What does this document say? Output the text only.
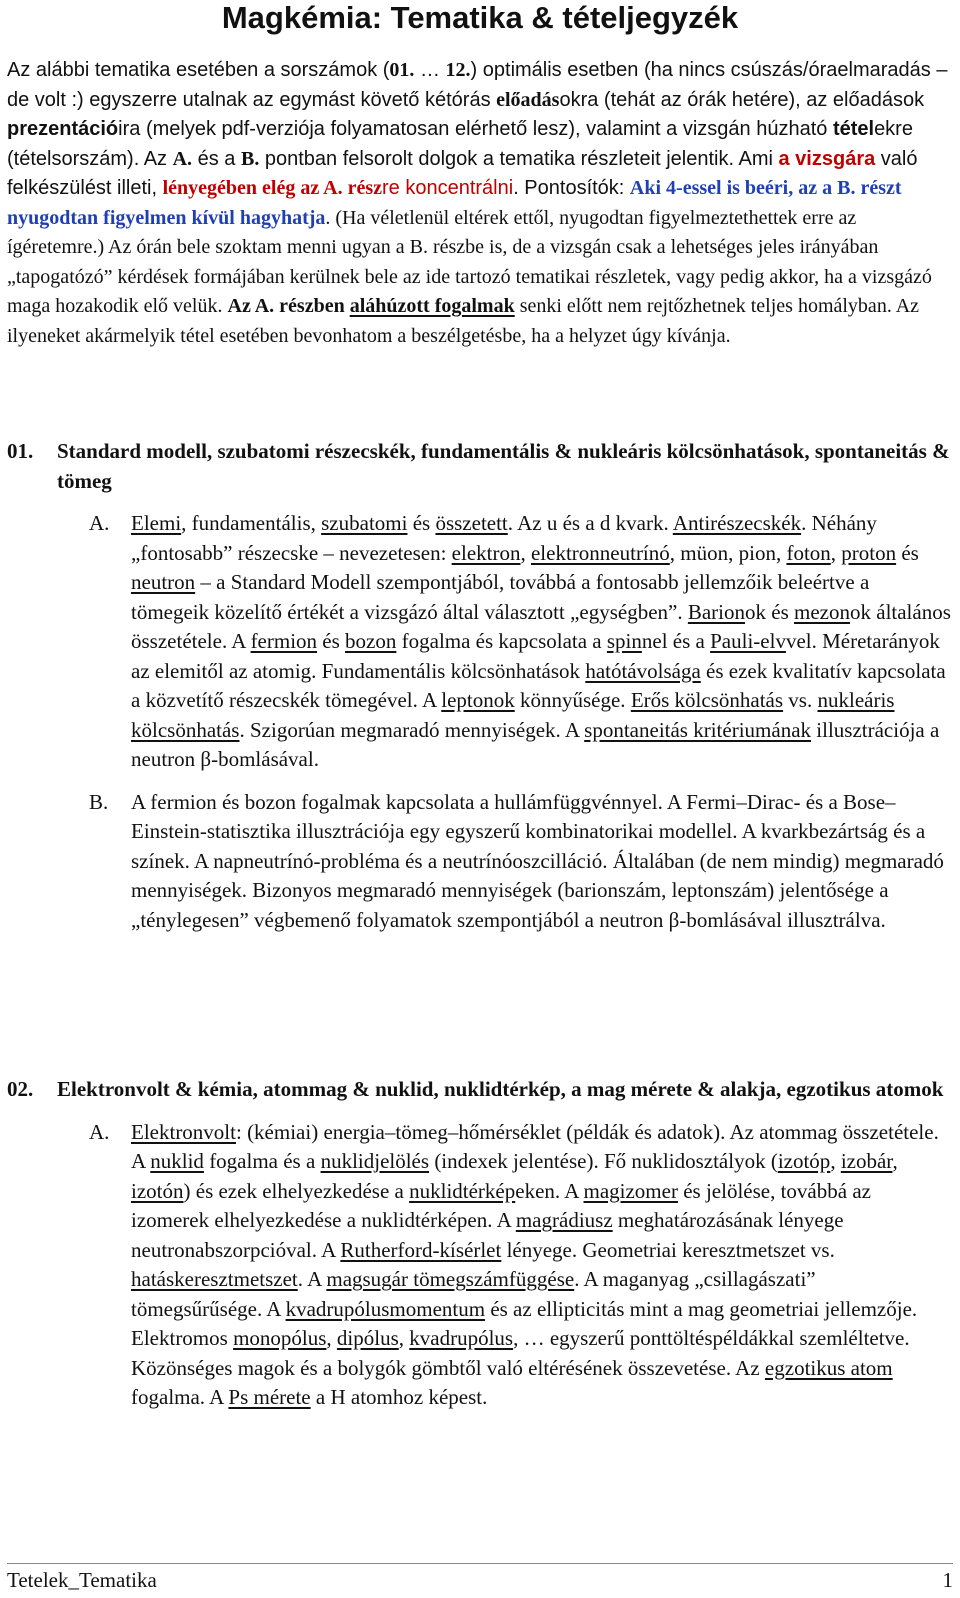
Magkémia: Tematika & tételjegyzék
Az alábbi tematika esetében a sorszámok (01. … 12.) optimális esetben (ha nincs csúszás/óraelmaradás – de volt :) egyszerre utalnak az egymást követő kétórás előadásokra (tehát az órák hetére), az előadások prezentációira (melyek pdf-verziója folyamatosan elérhető lesz), valamint a vizsgán húzható tételekre (tételsorszám). Az A. és a B. pontban felsorolt dolgok a tematika részleteit jelentik. Ami a vizsgára való felkészülést illeti, lényegében elég az A. részre koncentrálni. Pontosítók: Aki 4-essel is beéri, az a B. részt nyugodtan figyelmen kívül hagyhatja. (Ha véletlenül eltérek ettől, nyugodtan figyelmeztethettek erre az ígéretemre.) Az órán bele szoktam menni ugyan a B. részbe is, de a vizsgán csak a lehetséges jeles irányában „tapogatózó” kérdések formájában kerülnek bele az ide tartozó tematikai részletek, vagy pedig akkor, ha a vizsgázó maga hozakodik elő velük. Az A. részben aláhúzott fogalmak senki előtt nem rejtőzhetnek teljes homályban. Az ilyeneket akármelyik tétel esetében bevonhatom a beszélgetésbe, ha a helyzet úgy kívánja.
01.	Standard modell, szubatomi részecskék, fundamentális & nukleáris kölcsönhatások, spontaneitás & tömeg
A.	Elemi, fundamentális, szubatomi és összetett. Az u és a d kvark. Antirészecskék. Néhány „fontosabb” részecske – nevezetesen: elektron, elektronneutrínó, müon, pion, foton, proton és neutron – a Standard Modell szempontjából, továbbá a fontosabb jellemzőik beleértve a tömegeik közelítő értékét a vizsgázó által választott „egységben”. Barionok és mezonok általános összetétele. A fermion és bozon fogalma és kapcsolata a spinnel és a Pauli-elvvel. Méretarányok az elemitől az atomig. Fundamentális kölcsönhatások hatótávolsága és ezek kvalitatív kapcsolata a közvetítő részecskék tömegével. A leptonok könnyűsége. Erős kölcsönhatás vs. nukleáris kölcsönhatás. Szigorúan megmaradó mennyiségek. A spontaneitás kritériumának illusztrációja a neutron β-bomlásával.
B.	A fermion és bozon fogalmak kapcsolata a hullámfüggvénnyel. A Fermi–Dirac- és a Bose–Einstein-statisztika illusztrációja egy egyszerű kombinatorikai modellel. A kvarkbezártság és a színek. A napneutrínó-probléma és a neutrínóoszcilláció. Általában (de nem mindig) megmaradó mennyiségek. Bizonyos megmaradó mennyiségek (barionszám, leptonszám) jelentősége a „ténylegesen” végbemenő folyamatok szempontjából a neutron β-bomlásával illusztrálva.
02.	Elektronvolt & kémia, atommag & nuklid, nuklidtérkép, a mag mérete & alakja, egzotikus atomok
A.	Elektronvolt: (kémiai) energia–tömeg–hőmérséklet (példák és adatok). Az atommag összetétele. A nuklid fogalma és a nuklidjelölés (indexek jelentése). Fő nuklidosztályok (izotóp, izobár, izotón) és ezek elhelyezkedése a nuklidtérképeken. A magizomer és jelölése, továbbá az izomerek elhelyezkedése a nuklidtérképen. A magrádiusz meghatározásának lényege neutronabszorpcióval. A Rutherford-kísérlet lényege. Geometriai keresztmetszet vs. hatáskeresztmetszet. A magsugár tömegszámfüggése. A maganyag „csillagászati” tömegsűrűsége. A kvadrupólusmomentum és az ellipticitás mint a mag geometriai jellemzője. Elektromos monopólus, dipólus, kvadrupólus, … egyszerű ponttöltéspéldákkal szemléltetve. Közönséges magok és a bolygók gömbtől való eltérésének összevetése. Az egzotikus atom fogalma. A Ps mérete a H atomhoz képest.
Tetelek_Tematika	1
